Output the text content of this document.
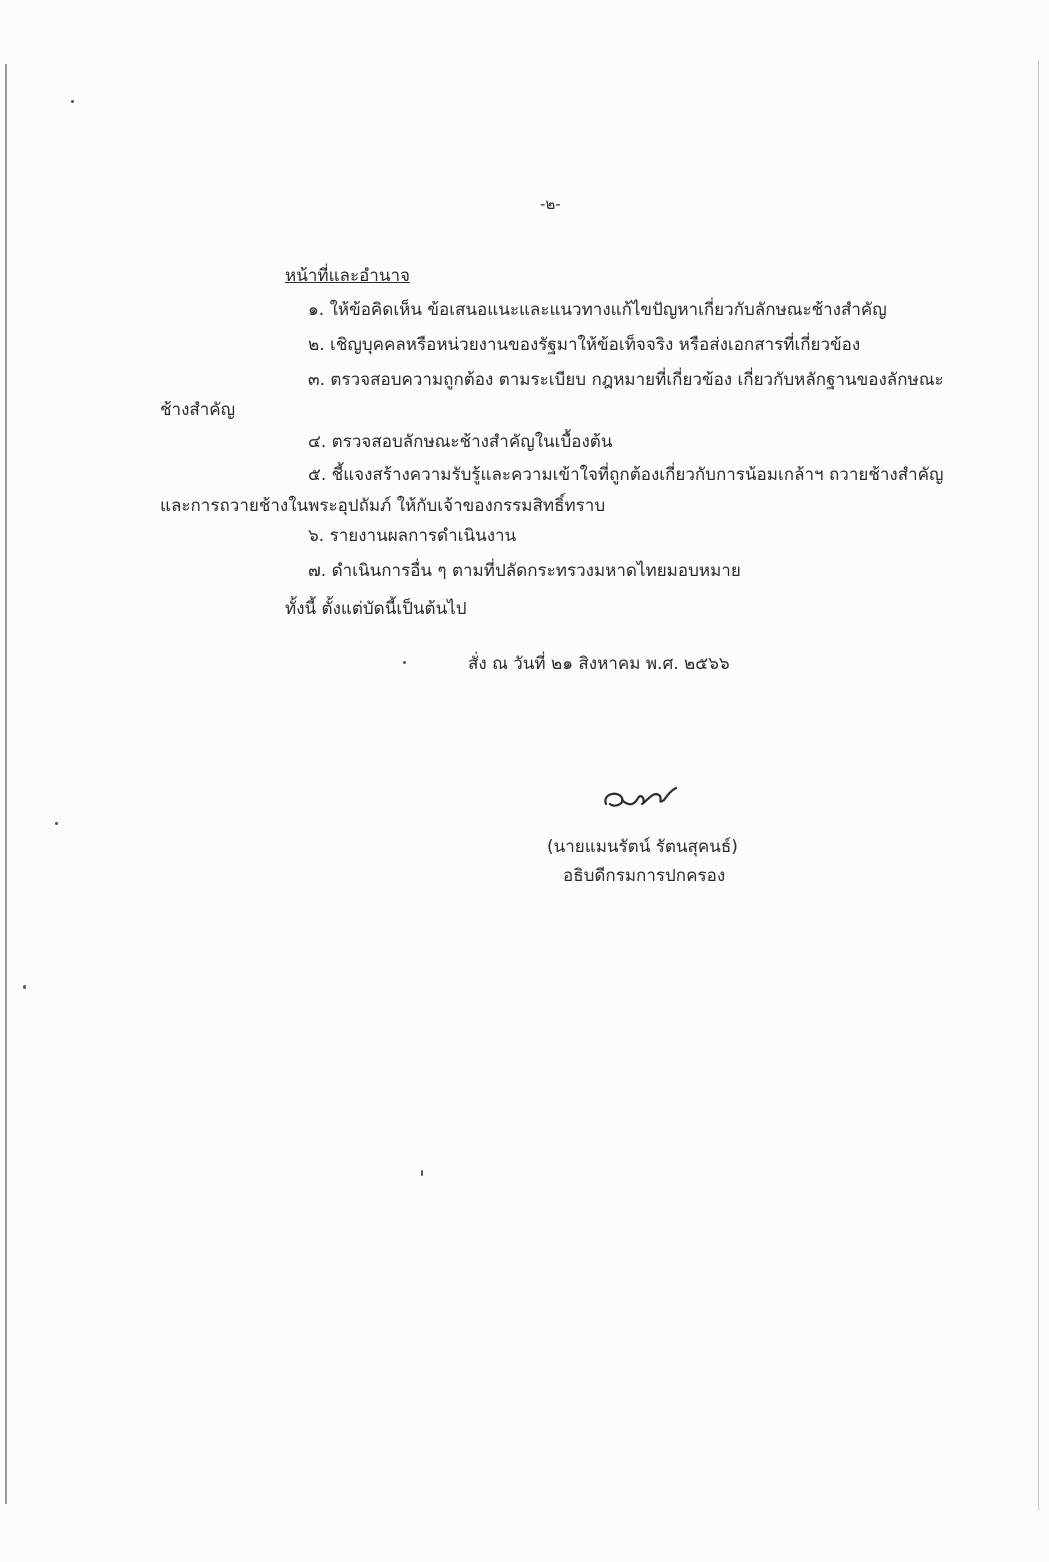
-๒-
หน้าที่และอำนาจ
๑. ให้ข้อคิดเห็น ข้อเสนอแนะและแนวทางแก้ไขปัญหาเกี่ยวกับลักษณะช้างสำคัญ
๒. เชิญบุคคลหรือหน่วยงานของรัฐมาให้ข้อเท็จจริง หรือส่งเอกสารที่เกี่ยวข้อง
๓. ตรวจสอบความถูกต้อง ตามระเบียบ กฎหมายที่เกี่ยวข้อง เกี่ยวกับหลักฐานของลักษณะ
ช้างสำคัญ
๔. ตรวจสอบลักษณะช้างสำคัญในเบื้องต้น
๕. ชี้แจงสร้างความรับรู้และความเข้าใจที่ถูกต้องเกี่ยวกับการน้อมเกล้าฯ ถวายช้างสำคัญ
และการถวายช้างในพระอุปถัมภ์ ให้กับเจ้าของกรรมสิทธิ์ทราบ
๖. รายงานผลการดำเนินงาน
๗. ดำเนินการอื่น ๆ ตามที่ปลัดกระทรวงมหาดไทยมอบหมาย
ทั้งนี้ ตั้งแต่บัดนี้เป็นต้นไป
สั่ง ณ วันที่ ๒๑ สิงหาคม พ.ศ. ๒๕๖๖
(นายแมนรัตน์ รัตนสุคนธ์)
อธิบดีกรมการปกครอง
